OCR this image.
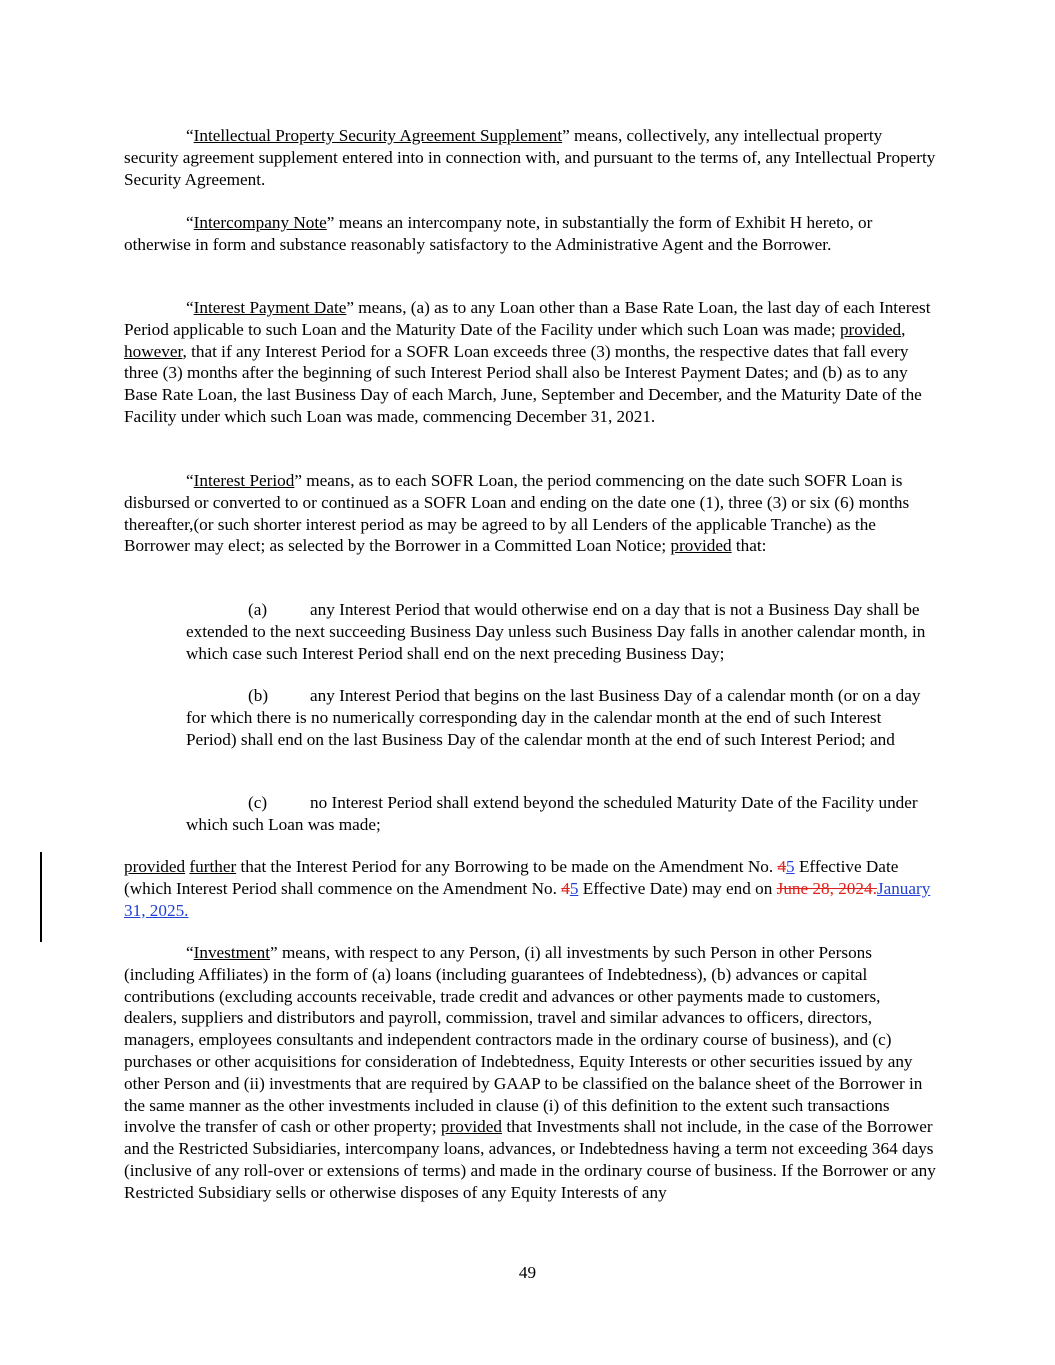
“Intellectual Property Security Agreement Supplement” means, collectively, any intellectual property security agreement supplement entered into in connection with, and pursuant to the terms of, any Intellectual Property Security Agreement.

“Intercompany Note” means an intercompany note, in substantially the form of Exhibit H hereto, or otherwise in form and substance reasonably satisfactory to the Administrative Agent and the Borrower.

“Interest Payment Date” means, (a) as to any Loan other than a Base Rate Loan, the last day of each Interest Period applicable to such Loan and the Maturity Date of the Facility under which such Loan was made; provided, however, that if any Interest Period for a SOFR Loan exceeds three (3) months, the respective dates that fall every three (3) months after the beginning of such Interest Period shall also be Interest Payment Dates; and (b) as to any Base Rate Loan, the last Business Day of each March, June, September and December, and the Maturity Date of the Facility under which such Loan was made, commencing December 31, 2021.

“Interest Period” means, as to each SOFR Loan, the period commencing on the date such SOFR Loan is disbursed or converted to or continued as a SOFR Loan and ending on the date one (1), three (3) or six (6) months thereafter,(or such shorter interest period as may be agreed to by all Lenders of the applicable Tranche) as the Borrower may elect; as selected by the Borrower in a Committed Loan Notice; provided that:

(a) any Interest Period that would otherwise end on a day that is not a Business Day shall be extended to the next succeeding Business Day unless such Business Day falls in another calendar month, in which case such Interest Period shall end on the next preceding Business Day;

(b) any Interest Period that begins on the last Business Day of a calendar month (or on a day for which there is no numerically corresponding day in the calendar month at the end of such Interest Period) shall end on the last Business Day of the calendar month at the end of such Interest Period; and

(c) no Interest Period shall extend beyond the scheduled Maturity Date of the Facility under which such Loan was made;

provided further that the Interest Period for any Borrowing to be made on the Amendment No. 45 Effective Date (which Interest Period shall commence on the Amendment No. 45 Effective Date) may end on June 28, 2024.January 31, 2025.

“Investment” means, with respect to any Person, (i) all investments by such Person in other Persons (including Affiliates) in the form of (a) loans (including guarantees of Indebtedness), (b) advances or capital contributions (excluding accounts receivable, trade credit and advances or other payments made to customers, dealers, suppliers and distributors and payroll, commission, travel and similar advances to officers, directors, managers, employees consultants and independent contractors made in the ordinary course of business), and (c) purchases or other acquisitions for consideration of Indebtedness, Equity Interests or other securities issued by any other Person and (ii) investments that are required by GAAP to be classified on the balance sheet of the Borrower in the same manner as the other investments included in clause (i) of this definition to the extent such transactions involve the transfer of cash or other property; provided that Investments shall not include, in the case of the Borrower and the Restricted Subsidiaries, intercompany loans, advances, or Indebtedness having a term not exceeding 364 days (inclusive of any roll-over or extensions of terms) and made in the ordinary course of business. If the Borrower or any Restricted Subsidiary sells or otherwise disposes of any Equity Interests of any

49
